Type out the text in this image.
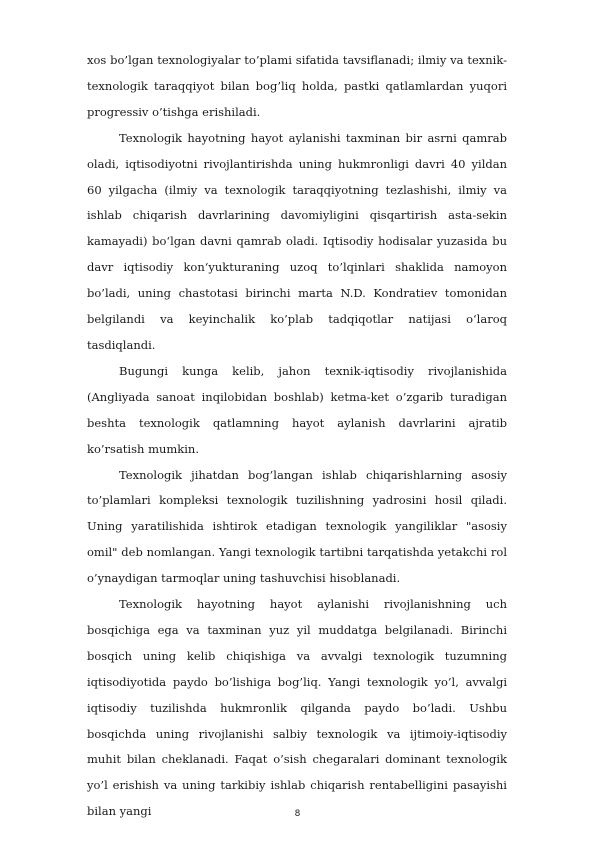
xos bo’lgan texnologiyalar to’plami sifatida tavsiflanadi; ilmiy va texnik-texnologik taraqqiyot bilan bog’liq holda, pastki qatlamlardan yuqori progressiv o’tishga erishiladi.

Texnologik hayotning hayot aylanishi taxminan bir asrni qamrab oladi, iqtisodiyotni rivojlantirishda uning hukmronligi davri 40 yildan 60 yilgacha (ilmiy va texnologik taraqqiyotning tezlashishi, ilmiy va ishlab chiqarish davrlarining davomiyligini qisqartirish asta-sekin kamayadi) bo‘lgan davni qamrab oladi. Iqtisodiy hodisalar yuzasida bu davr iqtisodiy kon‘yukturaning uzoq to’lqinlari shaklida namoyon bo’ladi, uning chastotasi birinchi marta N.D. Kondratiev tomonidan belgilandi va keyinchalik ko’plab tadqiqotlar natijasi o‘laroq tasdiqlandi.

Bugungi kunga kelib, jahon texnik-iqtisodiy rivojlanishida (Angliyada sanoat inqilobidan boshlab) ketma-ket o’zgarib turadigan beshta texnologik qatlamning hayot aylanish davrlarini ajratib ko’rsatish mumkin.

Texnologik jihatdan bog’langan ishlab chiqarishlarning asosiy to’plamlari kompleksi texnologik tuzilishning yadrosini hosil qiladi. Uning yaratilishida ishtirok etadigan texnologik yangiliklar "asosiy omil" deb nomlangan. Yangi texnologik tartibni tarqatishda yetakchi rol o’ynaydigan tarmoqlar uning tashuvchisi hisoblanadi.

Texnologik hayotning hayot aylanishi rivojlanishning uch bosqichiga ega va taxminan yuz yil muddatga belgilanadi. Birinchi bosqich uning kelib chiqishiga va avvalgi texnologik tuzumning iqtisodiyotida paydo bo’lishiga bog’liq. Yangi texnologik yo’l, avvalgi iqtisodiy tuzilishda hukmronlik qilganda paydo bo’ladi. Ushbu bosqichda uning rivojlanishi salbiy texnologik va ijtimoiy-iqtisodiy muhit bilan cheklanadi. Faqat o’sish chegaralari dominant texnologik yo’l erishish va uning tarkibiy ishlab chiqarish rentabelligini pasayishi bilan yangi	8
